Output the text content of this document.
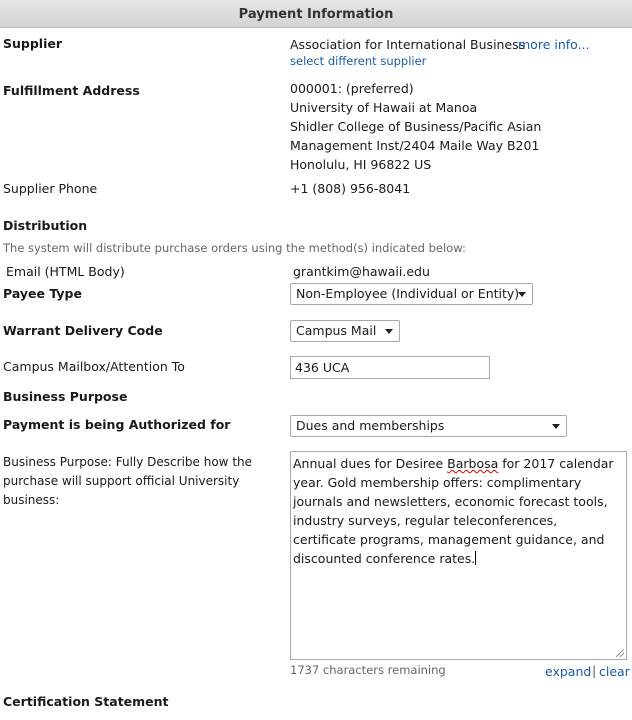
Payment Information
Supplier	Association for International Business
more info...
select different supplier
Fulfillment Address	000001: (preferred)
University of Hawaii at Manoa
Shidler College of Business/Pacific Asian
Management Inst/2404 Maile Way B201
Honolulu, HI 96822 US
Supplier Phone	+1 (808) 956-8041
Distribution
The system will distribute purchase orders using the method(s) indicated below:
Email (HTML Body)	grantkim@hawaii.edu
Payee Type	Non-Employee (Individual or Entity)
Warrant Delivery Code	Campus Mail
Campus Mailbox/Attention To	436 UCA
Business Purpose
Payment is being Authorized for	Dues and memberships
Business Purpose: Fully Describe how the
purchase will support official University
business:
Annual dues for Desiree Barbosa for 2017 calendar year. Gold membership offers: complimentary journals and newsletters, economic forecast tools, industry surveys, regular teleconferences, certificate programs, management guidance, and discounted conference rates.
1737 characters remaining	expand | clear
Certification Statement
